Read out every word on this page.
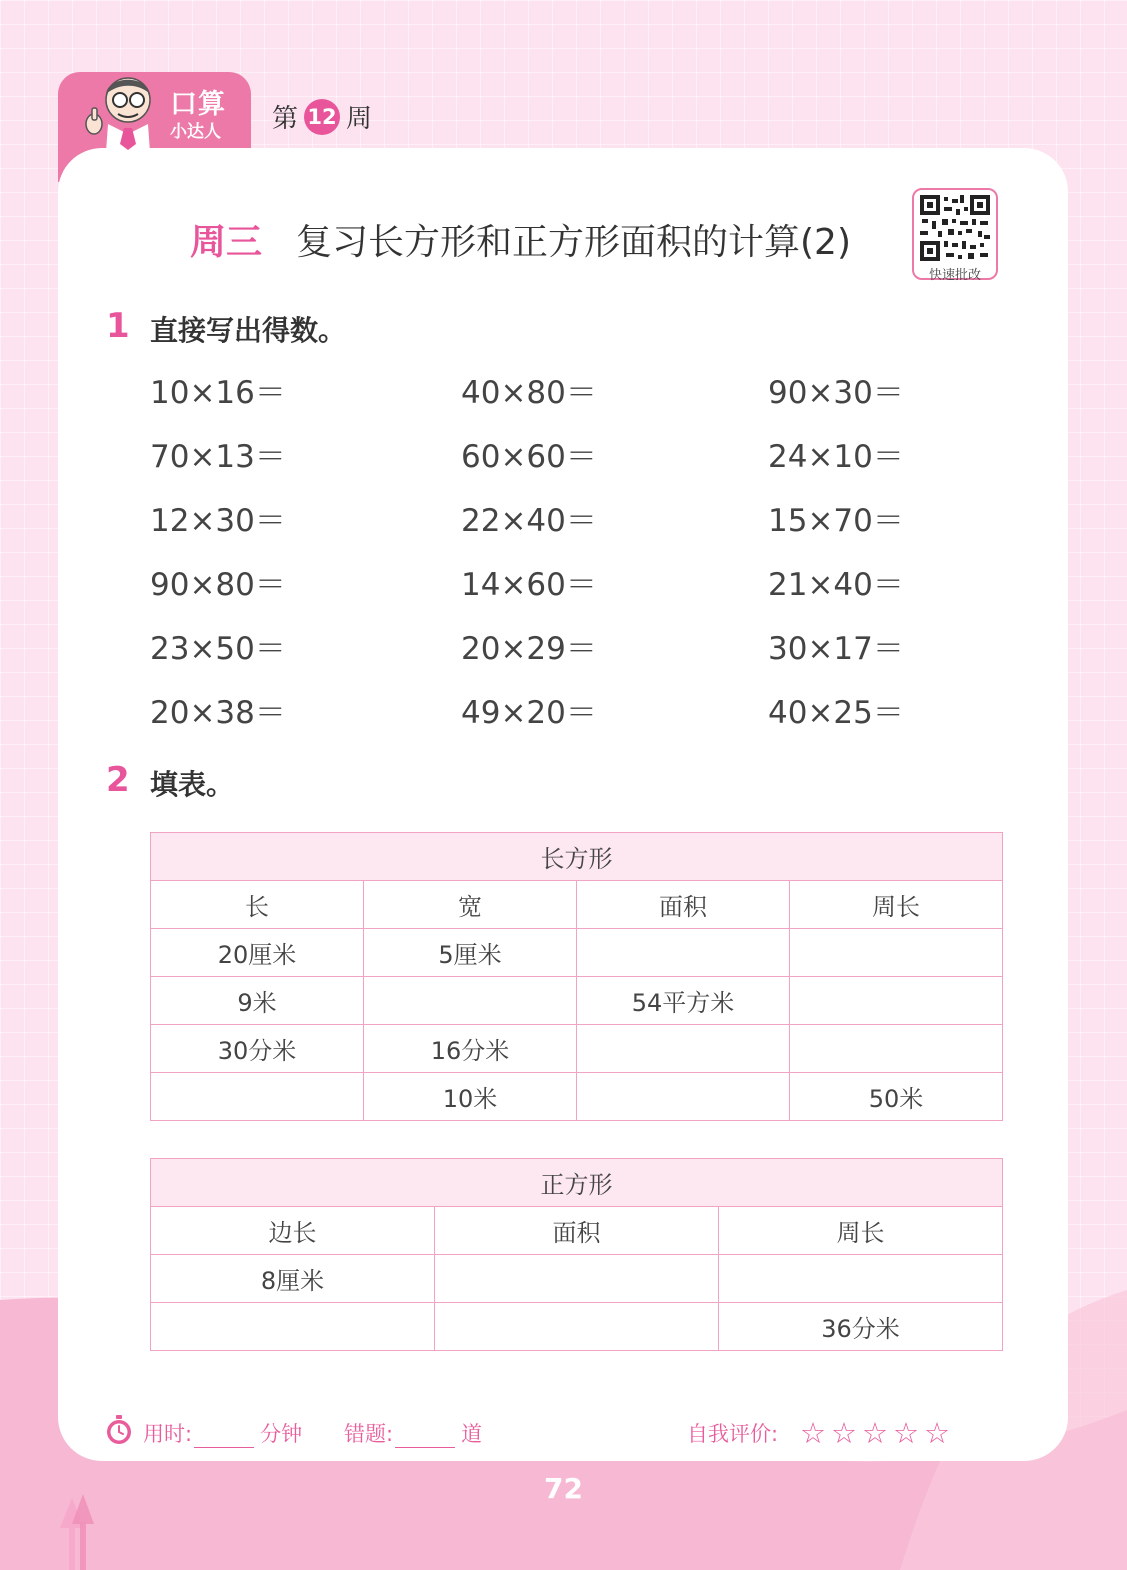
口算
小达人 第 12 周
周三 复习长方形和正方形面积的计算(2)
快速批改
1 直接写出得数。
10×16＝	40×80＝	90×30＝
70×13＝	60×60＝	24×10＝
12×30＝	22×40＝	15×70＝
90×80＝	14×60＝	21×40＝
23×50＝	20×29＝	30×17＝
20×38＝	49×20＝	40×25＝
2 填表。
长方形			
长	宽	面积	周长
20厘米	5厘米		
9米		54平方米	
30分米	16分米		
	10米		50米
正方形		
边长	面积	周长
8厘米		
		36分米
用时:	分钟 错题:	道	自我评价: ☆ ☆ ☆ ☆ ☆
72
